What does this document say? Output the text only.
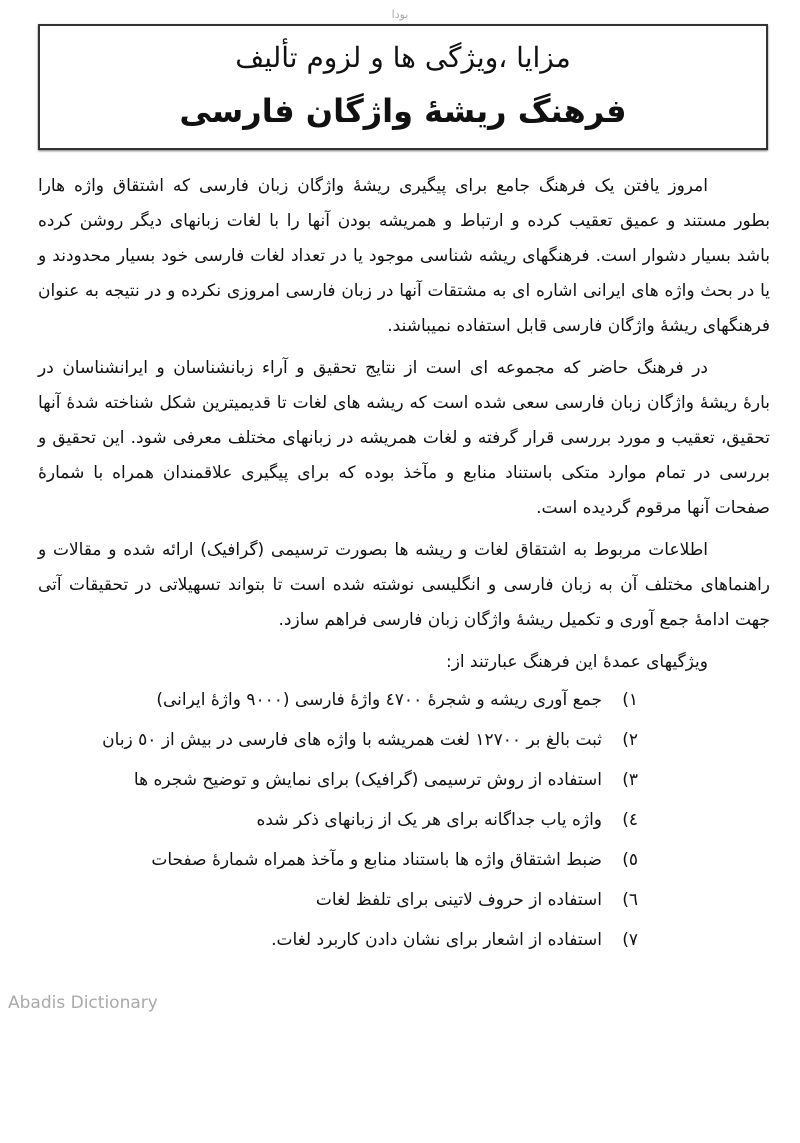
بودا
مزایا ،ویژگی ها و لزوم تألیف
فرهنگ ریشهٔ واژگان فارسی
امروز یافتن یک فرهنگ جامع برای پیگیری ریشهٔ واژگان زبان فارسی که اشتقاق واژه هارا
بطور مستند و عمیق تعقیب کرده و ارتباط و همریشه بودن آنها را با لغات زبانهای دیگر روشن کرده
باشد بسیار دشوار است. فرهنگهای ریشه شناسی موجود یا در تعداد لغات فارسی خود بسیار محدودند و
یا در بحث واژه های ایرانی اشاره ای به مشتقات آنها در زبان فارسی امروزی نکرده و در نتیجه به عنوان
فرهنگهای ریشهٔ واژگان فارسی قابل استفاده نمیباشند.
در فرهنگ حاضر که مجموعه ای است از نتایج تحقیق و آراء زبانشناسان و ایرانشناسان در
بارهٔ ریشهٔ واژگان زبان فارسی سعی شده است که ریشه های لغات تا قدیمیترین شکل شناخته شدهٔ آنها
تحقیق، تعقیب و مورد بررسی قرار گرفته و لغات همریشه در زبانهای مختلف معرفی شود. این تحقیق و
بررسی در تمام موارد متکی باستناد منابع و مآخذ بوده که برای پیگیری علاقمندان همراه با شمارهٔ
صفحات آنها مرقوم گردیده است.
اطلاعات مربوط به اشتقاق لغات و ریشه ها بصورت ترسیمی (گرافیک) ارائه شده و مقالات و
راهنماهای مختلف آن به زبان فارسی و انگلیسی نوشته شده است تا بتواند تسهیلاتی در تحقیقات آتی
جهت ادامهٔ جمع آوری و تکمیل ریشهٔ واژگان زبان فارسی فراهم سازد.
ویژگیهای عمدهٔ این فرهنگ عبارتند از:
۱)
جمع آوری ریشه و شجرهٔ ٤٧٠٠ واژهٔ فارسی (٩٠٠٠ واژهٔ ایرانی)
۲)
ثبت بالغ بر ١٢٧٠٠ لغت همریشه با واژه های فارسی در بیش از ٥٠ زبان
۳)
استفاده از روش ترسیمی (گرافیک) برای نمایش و توضیح شجره ها
٤)
واژه یاب جداگانه برای هر یک از زبانهای ذکر شده
٥)
ضبط اشتقاق واژه ها باستناد منابع و مآخذ همراه شمارهٔ صفحات
٦)
استفاده از حروف لاتینی برای تلفظ لغات
۷)
استفاده از اشعار برای نشان دادن کاربرد لغات.
Abadis Dictionary
